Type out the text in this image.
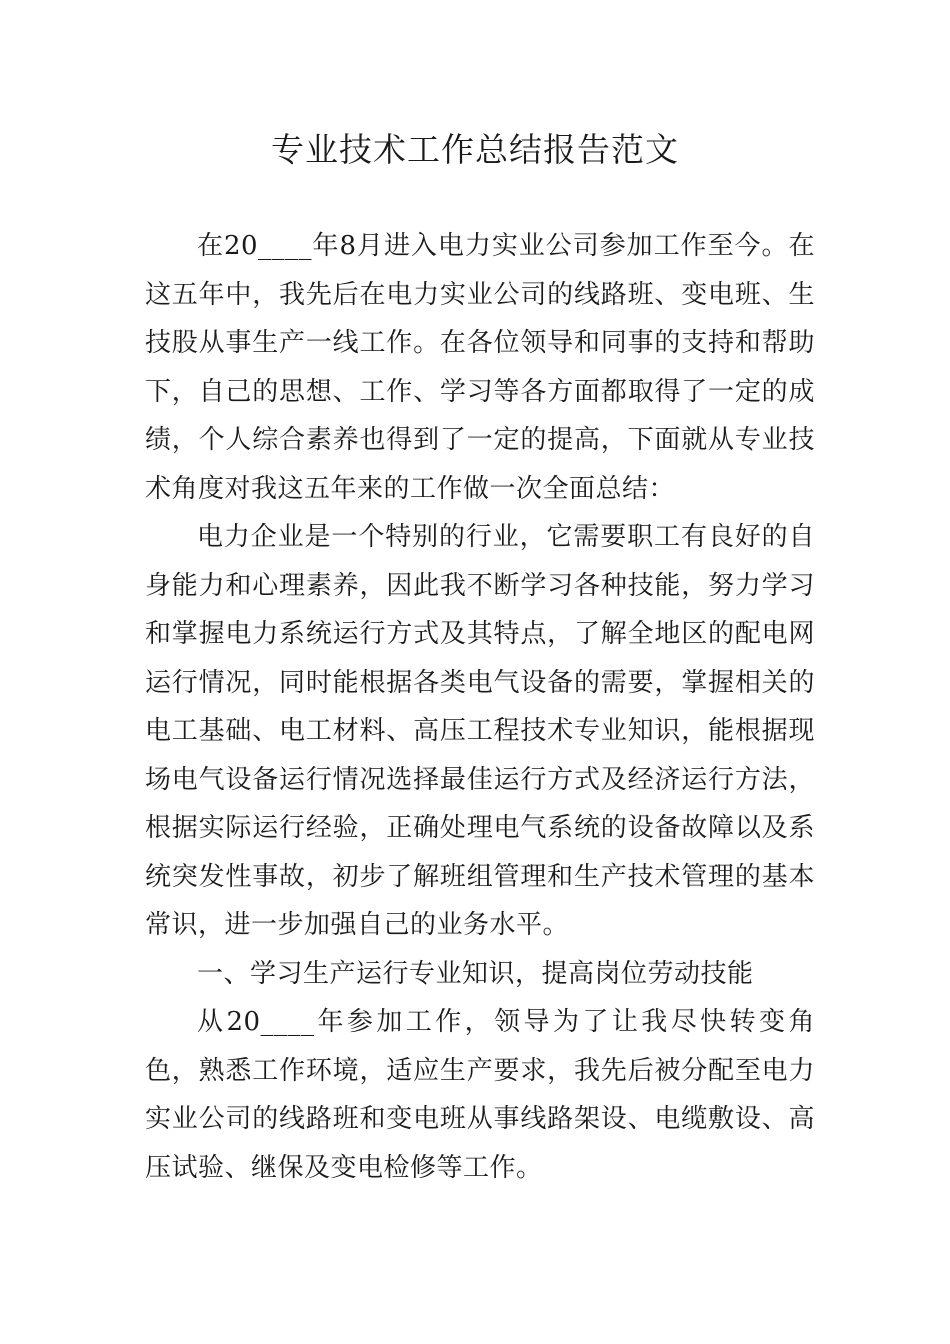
专业技术工作总结报告范文

在20____年8月进入电力实业公司参加工作至今。在这五年中，我先后在电力实业公司的线路班、变电班、生技股从事生产一线工作。在各位领导和同事的支持和帮助下，自己的思想、工作、学习等各方面都取得了一定的成绩，个人综合素养也得到了一定的提高，下面就从专业技术角度对我这五年来的工作做一次全面总结：

电力企业是一个特别的行业，它需要职工有良好的自身能力和心理素养，因此我不断学习各种技能，努力学习和掌握电力系统运行方式及其特点，了解全地区的配电网运行情况，同时能根据各类电气设备的需要，掌握相关的电工基础、电工材料、高压工程技术专业知识，能根据现场电气设备运行情况选择最佳运行方式及经济运行方法，根据实际运行经验，正确处理电气系统的设备故障以及系统突发性事故，初步了解班组管理和生产技术管理的基本常识，进一步加强自己的业务水平。

一、学习生产运行专业知识，提高岗位劳动技能

从20____年参加工作，领导为了让我尽快转变角色，熟悉工作环境，适应生产要求，我先后被分配至电力实业公司的线路班和变电班从事线路架设、电缆敷设、高压试验、继保及变电检修等工作。
